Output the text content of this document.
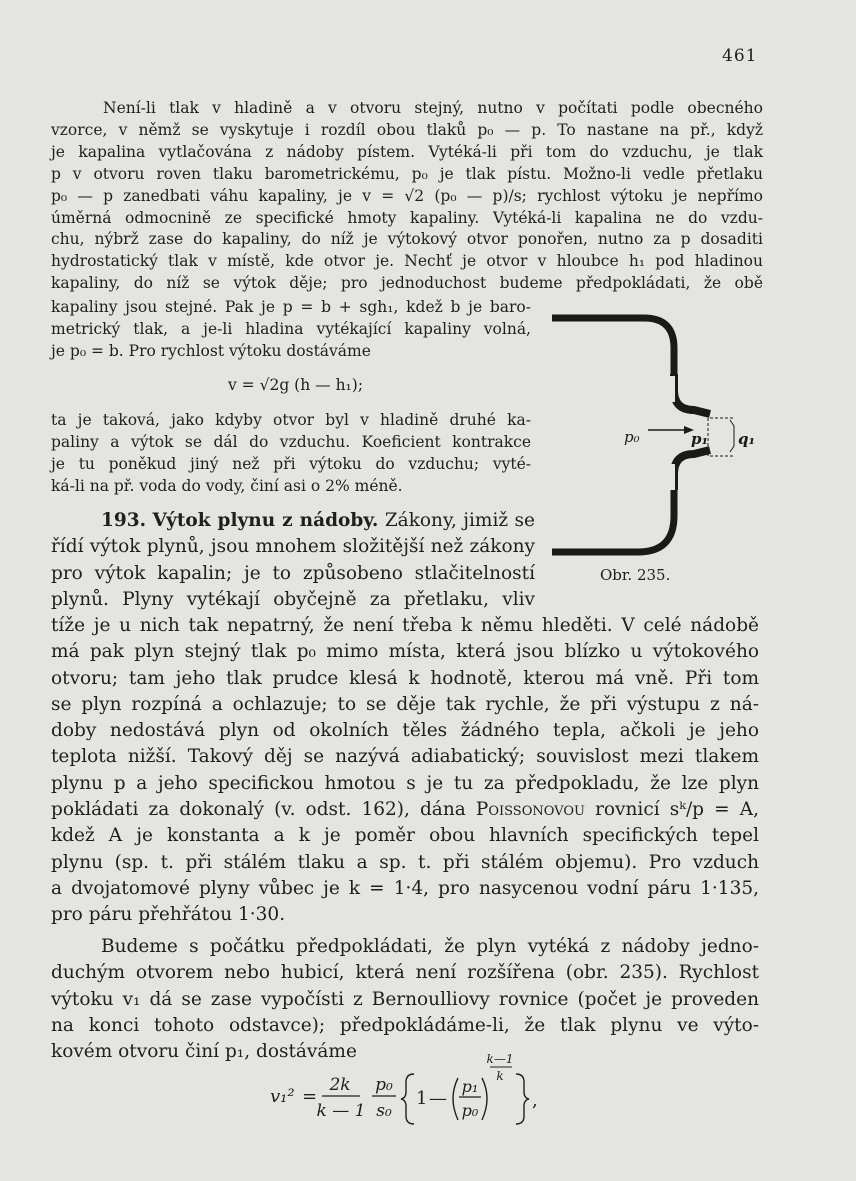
461
Není-li tlak v hladině a v otvoru stejný, nutno v počítati podle obecného
vzorce, v němž se vyskytuje i rozdíl obou tlaků p₀ — p. To nastane na př., když
je kapalina vytlačována z nádoby pístem. Vytéká-li při tom do vzduchu, je tlak
p v otvoru roven tlaku barometrickému, p₀ je tlak pístu. Možno-li vedle přetlaku
p₀ — p zanedbati váhu kapaliny, je v = √2 (p₀ — p)/s; rychlost výtoku je nepřímo
úměrná odmocnině ze specifické hmoty kapaliny. Vytéká-li kapalina ne do vzdu-
chu, nýbrž zase do kapaliny, do níž je výtokový otvor ponořen, nutno za p dosaditi
hydrostatický tlak v místě, kde otvor je. Nechť je otvor v hloubce h₁ pod hladinou
kapaliny, do níž se výtok děje; pro jednoduchost budeme předpokládati, že obě
kapaliny jsou stejné. Pak je p = b + sgh₁, kdež b je baro-
metrický tlak, a je-li hladina vytékající kapaliny volná,
je p₀ = b. Pro rychlost výtoku dostáváme
v = √2g (h — h₁);
ta je taková, jako kdyby otvor byl v hladině druhé ka-
paliny a výtok se dál do vzduchu. Koeficient kontrakce
je tu poněkud jiný než při výtoku do vzduchu; vyté-
ká-li na př. voda do vody, činí asi o 2% méně.
193. Výtok plynu z nádoby. Zákony, jimiž se
řídí výtok plynů, jsou mnohem složitější než zákony
pro výtok kapalin; je to způsobeno stlačitelností
plynů. Plyny vytékají obyčejně za přetlaku, vliv
tíže je u nich tak nepatrný, že není třeba k němu hleděti. V celé nádobě
má pak plyn stejný tlak p₀ mimo místa, která jsou blízko u výtokového
otvoru; tam jeho tlak prudce klesá k hodnotě, kterou má vně. Při tom
se plyn rozpíná a ochlazuje; to se děje tak rychle, že při výstupu z ná-
doby nedostává plyn od okolních těles žádného tepla, ačkoli je jeho
teplota nižší. Takový děj se nazývá adiabatický; souvislost mezi tlakem
plynu p a jeho specifickou hmotou s je tu za předpokladu, že lze plyn
pokládati za dokonalý (v. odst. 162), dána Poissonovou rovnicí sᵏ/p = A,
kdež A je konstanta a k je poměr obou hlavních specifických tepel
plynu (sp. t. při stálém tlaku a sp. t. při stálém objemu). Pro vzduch
a dvojatomové plyny vůbec je k = 1·4, pro nasycenou vodní páru 1·135,
pro páru přehřátou 1·30.
Budeme s počátku předpokládati, že plyn vytéká z nádoby jedno-
duchým otvorem nebo hubicí, která není rozšířena (obr. 235). Rychlost
výtoku v₁ dá se zase vypočísti z Bernoulliovy rovnice (počet je proveden
na konci tohoto odstavce); předpokládáme-li, že tlak plynu ve výto-
kovém otvoru činí p₁, dostáváme
v₁² =
2k
k — 1
p₀
s₀
1 —
p₁
p₀
k—1
k
,
p₀	p₁ q₁
Obr. 235.
